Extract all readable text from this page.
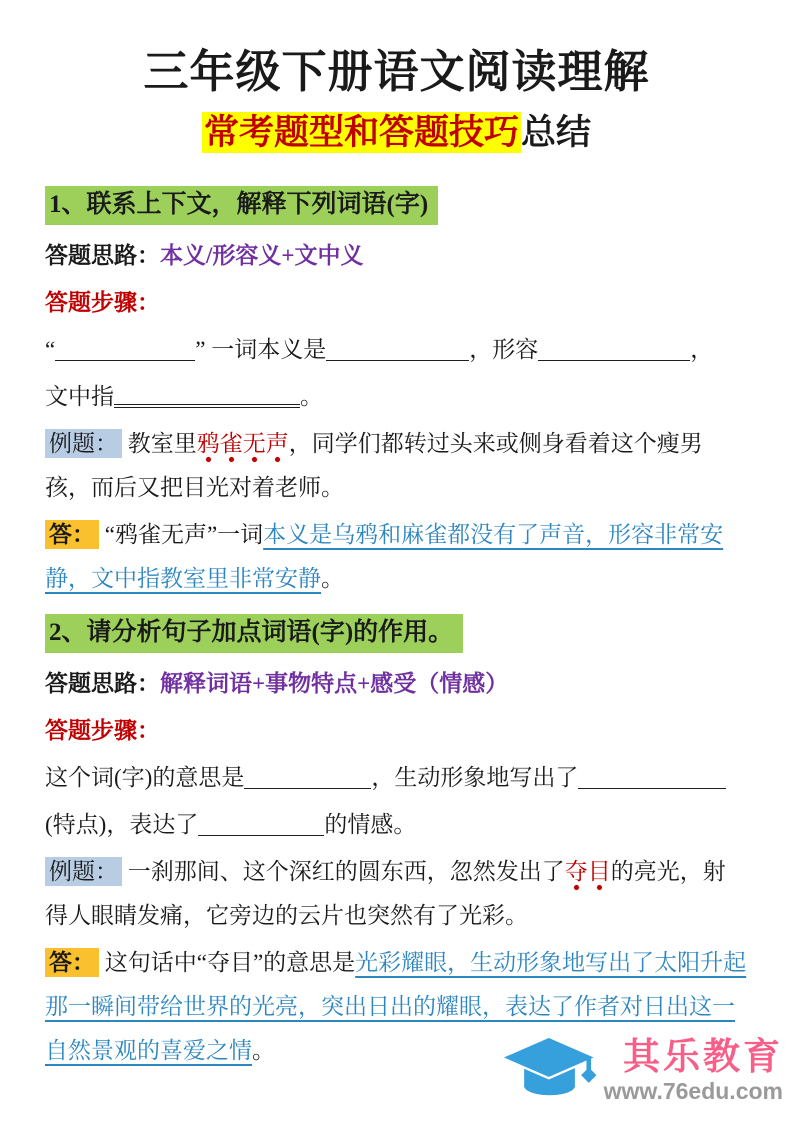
三年级下册语文阅读理解
常考题型和答题技巧总结
1、联系上下文，解释下列词语(字)

答题思路：本义/形容义+文中义

答题步骤：

“	” 一词本义是	，形容	，

文中指	。

例题： 教室里鸦雀无声，同学们都转过头来或侧身看着这个瘦男孩，而后又把目光对着老师。

答： “鸦雀无声”一词本义是乌鸦和麻雀都没有了声音，形容非常安静，文中指教室里非常安静。

2、请分析句子加点词语(字)的作用。

答题思路：解释词语+事物特点+感受（情感）

答题步骤：

这个词(字)的意思是	，生动形象地写出了

(特点)，表达了	的情感。

例题： 一刹那间、这个深红的圆东西，忽然发出了夺目的亮光，射得人眼睛发痛，它旁边的云片也突然有了光彩。

答： 这句话中“夺目”的意思是光彩耀眼，生动形象地写出了太阳升起那一瞬间带给世界的光亮，突出日出的耀眼，表达了作者对日出这一自然景观的喜爱之情。	其乐教育
www.76edu.com
